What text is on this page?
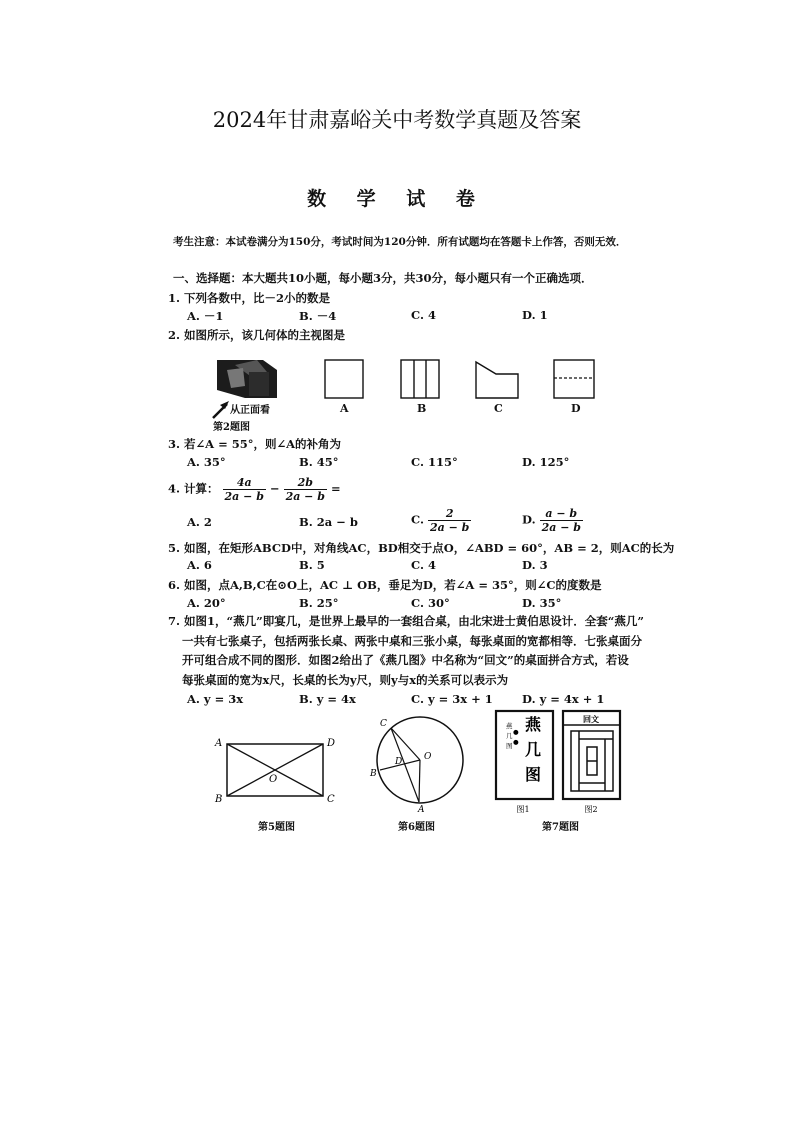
2024年甘肃嘉峪关中考数学真题及答案
数 学 试 卷
考生注意：本试卷满分为150分，考试时间为120分钟．所有试题均在答题卡上作答，否则无效．
一、选择题：本大题共10小题，每小题3分，共30分，每小题只有一个正确选项．
1. 下列各数中，比－2小的数是
A. －1	B. －4	C. 4	D. 1
2. 如图所示，该几何体的主视图是
从正面看
第2题图
A	B	C	D
3. 若∠A = 55°，则∠A的补角为
A. 35°	B. 45°	C. 115°	D. 125°
4. 计算： $\frac{4a}{2a - b} - \frac{2b}{2a - b}$ =
A. 2	B. 2a − b	C. $\frac{2}{2a - b}$	D. $\frac{a - b}{2a - b}$
5. 如图，在矩形ABCD中，对角线AC，BD相交于点O，∠ABD = 60°，AB = 2，则AC的长为
A. 6	B. 5	C. 4	D. 3
6. 如图，点A,B,C在⊙O上，AC ⊥ OB，垂足为D，若∠A = 35°，则∠C的度数是
A. 20°	B. 25°	C. 30°	D. 35°
7. 如图1，“燕几”即宴几，是世界上最早的一套组合桌，由北宋进士黄伯思设计．全套“燕几”
一共有七张桌子，包括两张长桌、两张中桌和三张小桌，每张桌面的宽都相等．七张桌面分
开可组合成不同的图形．如图2给出了《燕几图》中名称为“回文”的桌面拼合方式，若设
每张桌面的宽为x尺，长桌的长为y尺，则y与x的关系可以表示为
A. y = 3x	B. y = 4x	C. y = 3x + 1	D. y = 4x + 1
A
B	C
D
O
第5题图
C
B
D O
A
第6题图
燕
几
图
燕
几
图
●
●
图1
回文
图2
第7题图
